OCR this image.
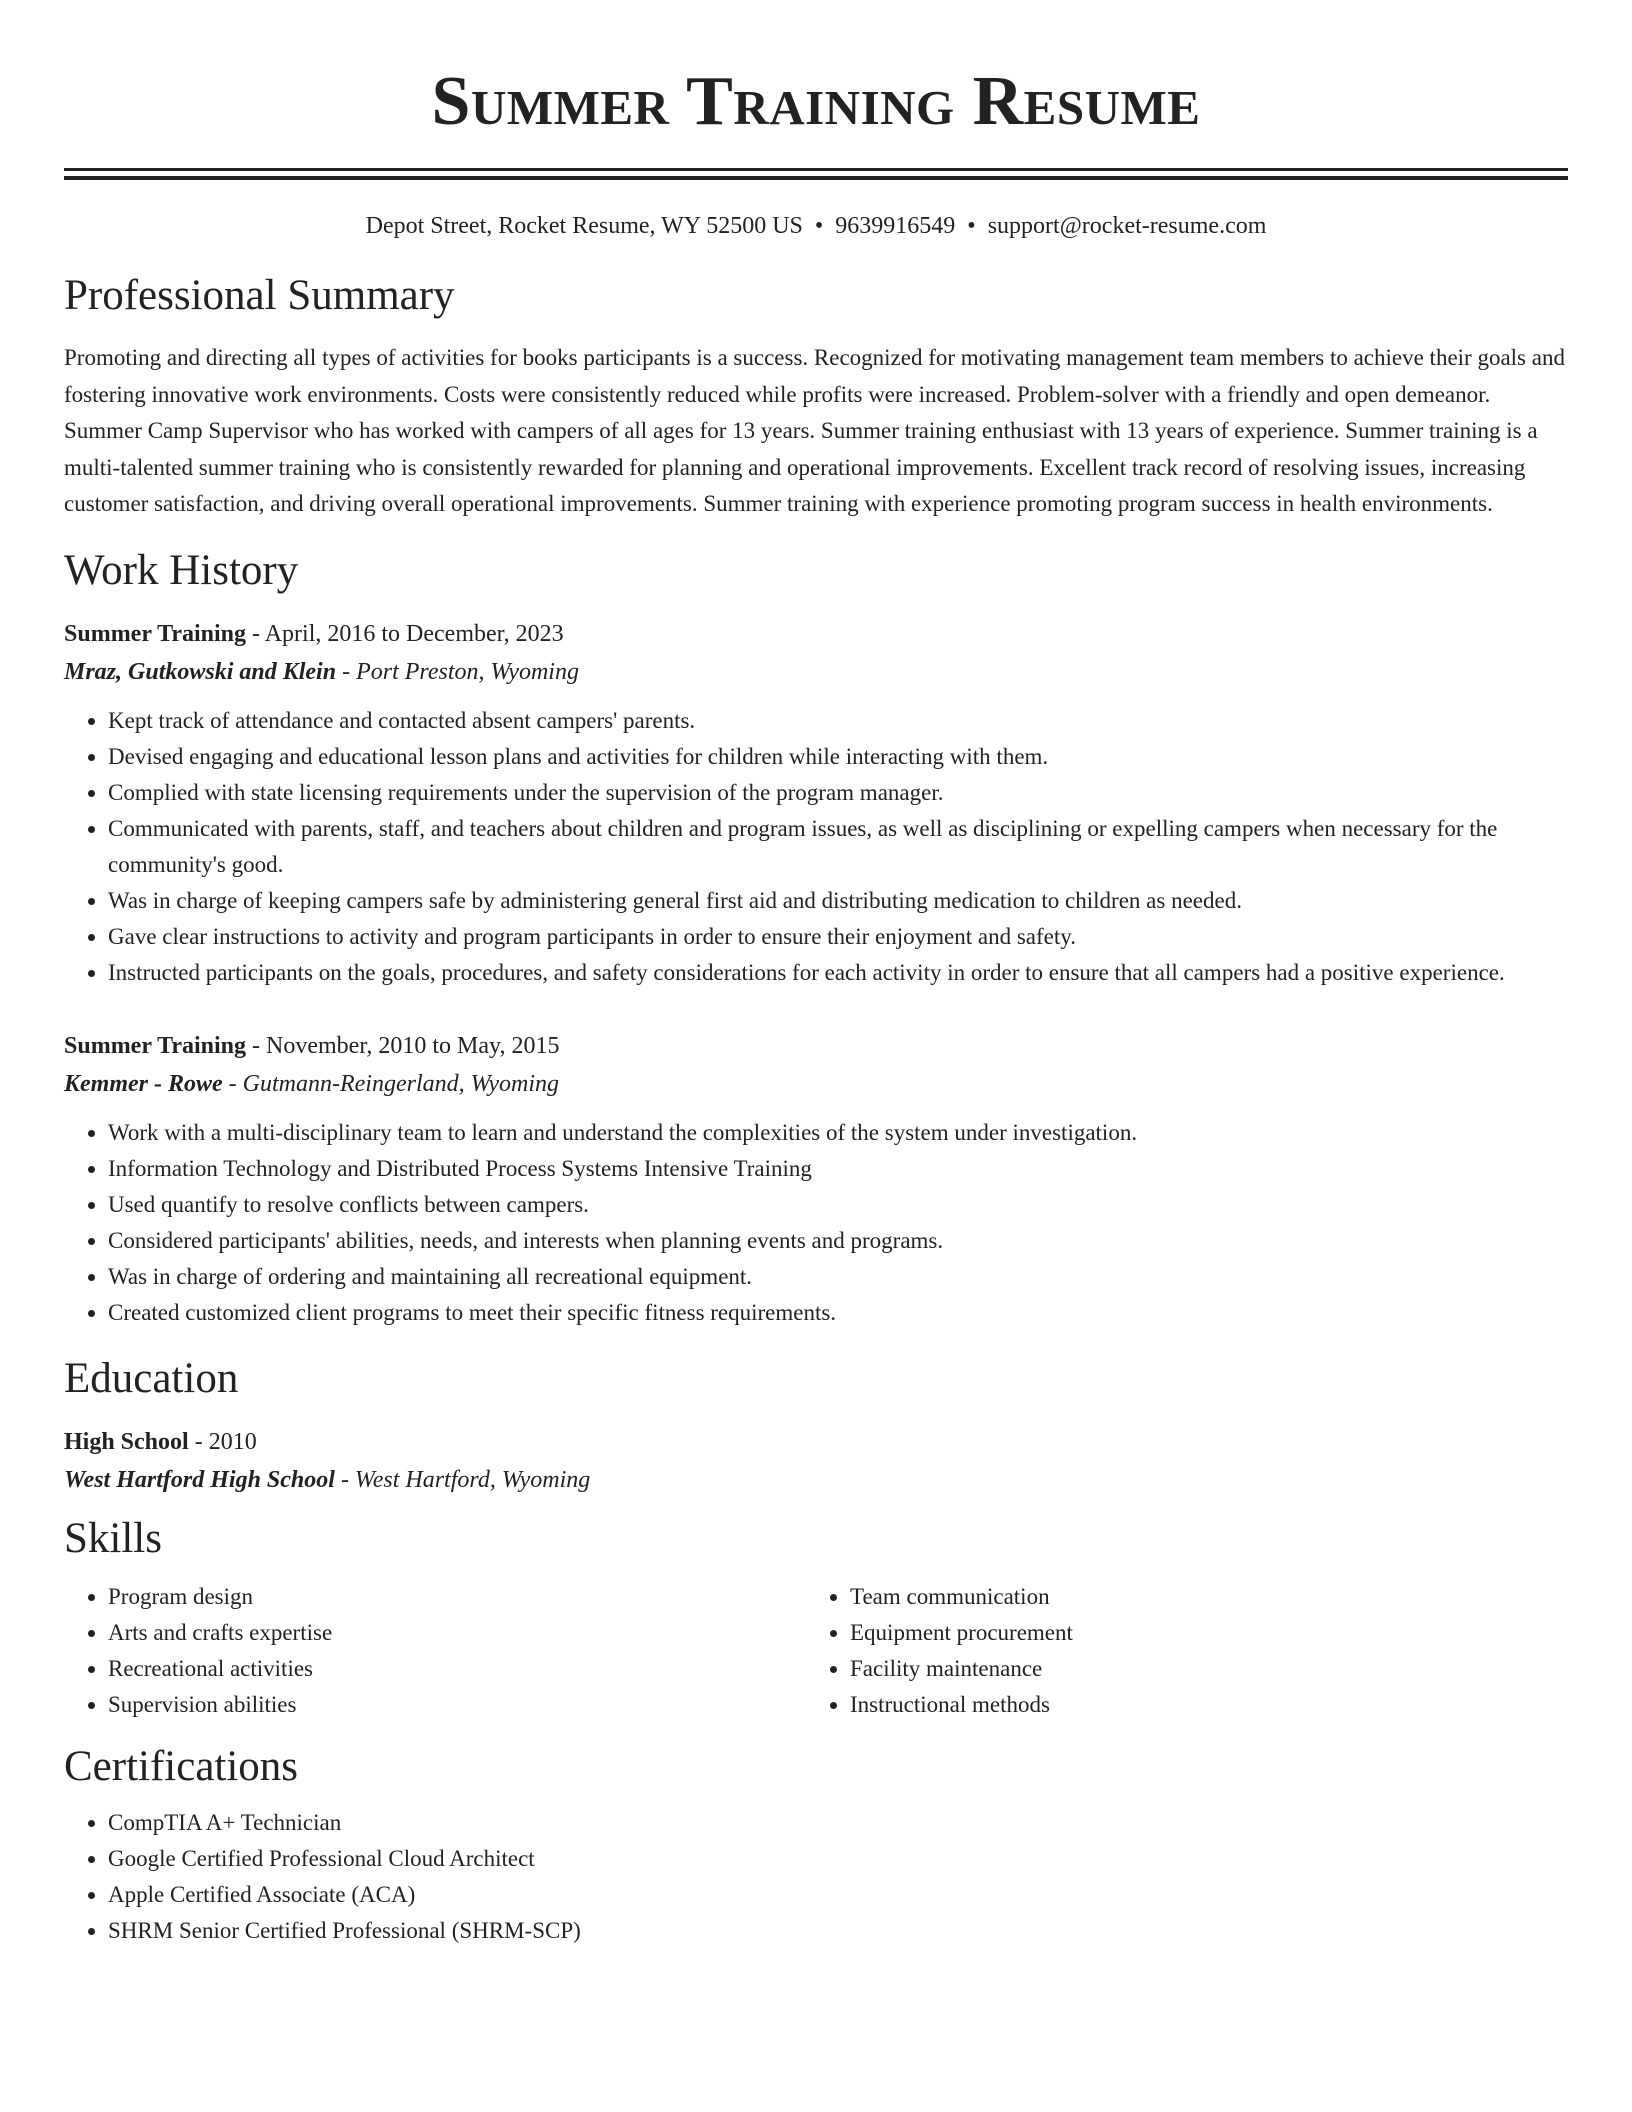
Summer Training Resume
Depot Street, Rocket Resume, WY 52500 US • 9639916549 • support@rocket-resume.com
Professional Summary
Promoting and directing all types of activities for books participants is a success. Recognized for motivating management team members to achieve their goals and fostering innovative work environments. Costs were consistently reduced while profits were increased. Problem-solver with a friendly and open demeanor. Summer Camp Supervisor who has worked with campers of all ages for 13 years. Summer training enthusiast with 13 years of experience. Summer training is a multi-talented summer training who is consistently rewarded for planning and operational improvements. Excellent track record of resolving issues, increasing customer satisfaction, and driving overall operational improvements. Summer training with experience promoting program success in health environments.
Work History
Summer Training - April, 2016 to December, 2023
Mraz, Gutkowski and Klein - Port Preston, Wyoming
• Kept track of attendance and contacted absent campers' parents.
• Devised engaging and educational lesson plans and activities for children while interacting with them.
• Complied with state licensing requirements under the supervision of the program manager.
• Communicated with parents, staff, and teachers about children and program issues, as well as disciplining or expelling campers when necessary for the community's good.
• Was in charge of keeping campers safe by administering general first aid and distributing medication to children as needed.
• Gave clear instructions to activity and program participants in order to ensure their enjoyment and safety.
• Instructed participants on the goals, procedures, and safety considerations for each activity in order to ensure that all campers had a positive experience.
Summer Training - November, 2010 to May, 2015
Kemmer - Rowe - Gutmann-Reingerland, Wyoming
• Work with a multi-disciplinary team to learn and understand the complexities of the system under investigation.
• Information Technology and Distributed Process Systems Intensive Training
• Used quantify to resolve conflicts between campers.
• Considered participants' abilities, needs, and interests when planning events and programs.
• Was in charge of ordering and maintaining all recreational equipment.
• Created customized client programs to meet their specific fitness requirements.
Education
High School - 2010
West Hartford High School - West Hartford, Wyoming
Skills
• Program design
• Arts and crafts expertise
• Recreational activities
• Supervision abilities
• Team communication
• Equipment procurement
• Facility maintenance
• Instructional methods
Certifications
• CompTIA A+ Technician
• Google Certified Professional Cloud Architect
• Apple Certified Associate (ACA)
• SHRM Senior Certified Professional (SHRM-SCP)
